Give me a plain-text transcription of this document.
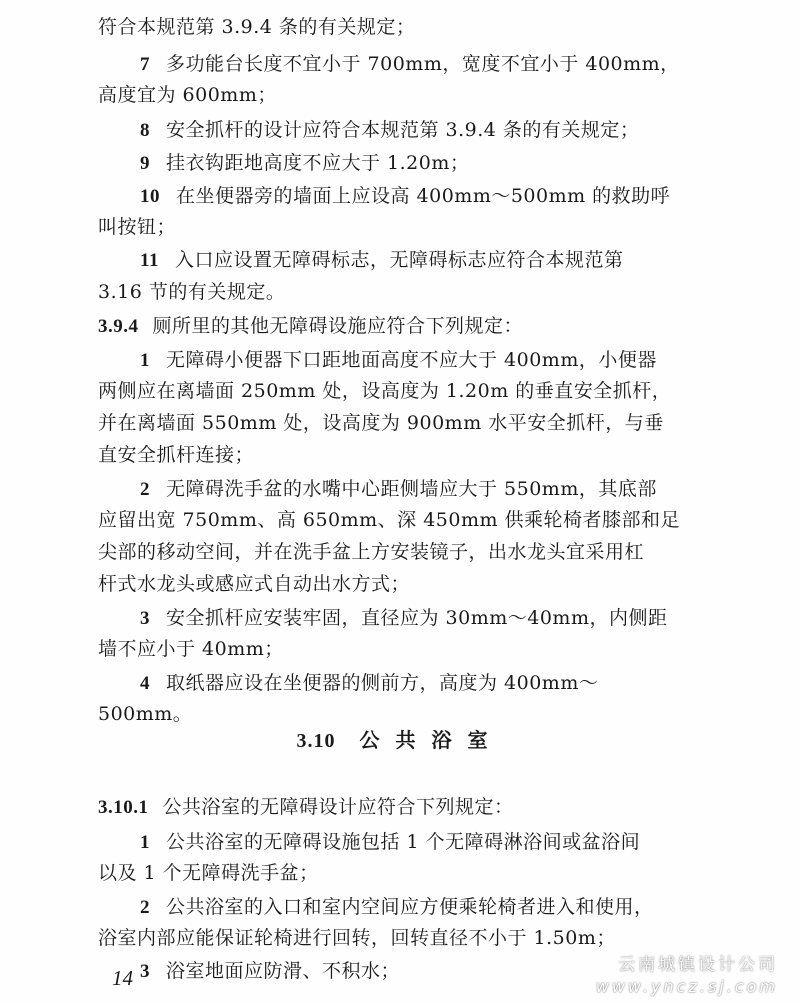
符合本规范第 3.9.4 条的有关规定；
7 多功能台长度不宜小于 700mm，宽度不宜小于 400mm，
高度宜为 600mm；
8 安全抓杆的设计应符合本规范第 3.9.4 条的有关规定；
9 挂衣钩距地高度不应大于 1.20m；
10 在坐便器旁的墙面上应设高 400mm～500mm 的救助呼
叫按钮；
11 入口应设置无障碍标志，无障碍标志应符合本规范第
3.16 节的有关规定。
3.9.4 厕所里的其他无障碍设施应符合下列规定：
1 无障碍小便器下口距地面高度不应大于 400mm，小便器
两侧应在离墙面 250mm 处，设高度为 1.20m 的垂直安全抓杆，
并在离墙面 550mm 处，设高度为 900mm 水平安全抓杆，与垂
直安全抓杆连接；
2 无障碍洗手盆的水嘴中心距侧墙应大于 550mm，其底部
应留出宽 750mm、高 650mm、深 450mm 供乘轮椅者膝部和足
尖部的移动空间，并在洗手盆上方安装镜子，出水龙头宜采用杠
杆式水龙头或感应式自动出水方式；
3 安全抓杆应安装牢固，直径应为 30mm～40mm，内侧距
墙不应小于 40mm；
4 取纸器应设在坐便器的侧前方，高度为 400mm～
500mm。
3.10 公共浴室
3.10.1 公共浴室的无障碍设计应符合下列规定：
1 公共浴室的无障碍设施包括 1 个无障碍淋浴间或盆浴间
以及 1 个无障碍洗手盆；
2 公共浴室的入口和室内空间应方便乘轮椅者进入和使用，
浴室内部应能保证轮椅进行回转，回转直径不小于 1.50m；
3 浴室地面应防滑、不积水；
14
云南城镇设计公司
www.yncz.sj.com
